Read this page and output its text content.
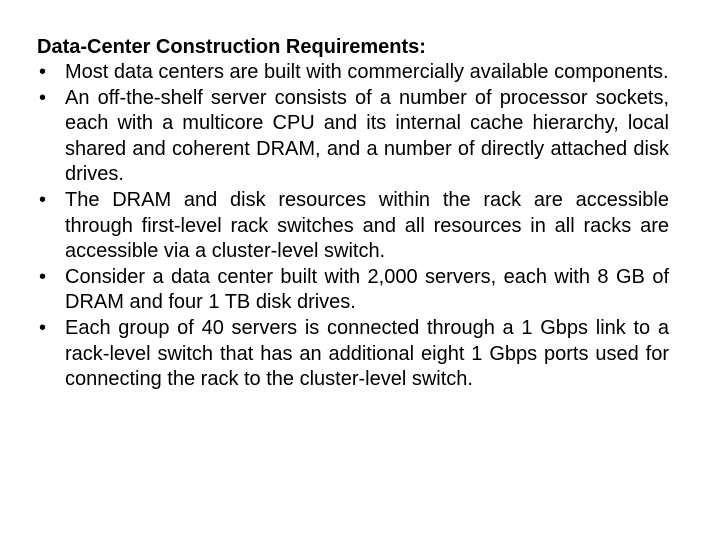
Data-Center Construction Requirements:
• Most data centers are built with commercially available components.
• An off-the-shelf server consists of a number of processor sockets, each with a multicore CPU and its internal cache hierarchy, local shared and coherent DRAM, and a number of directly attached disk drives.
• The DRAM and disk resources within the rack are accessible through first-level rack switches and all resources in all racks are accessible via a cluster-level switch.
• Consider a data center built with 2,000 servers, each with 8 GB of DRAM and four 1 TB disk drives.
• Each group of 40 servers is connected through a 1 Gbps link to a rack-level switch that has an additional eight 1 Gbps ports used for connecting the rack to the cluster-level switch.
